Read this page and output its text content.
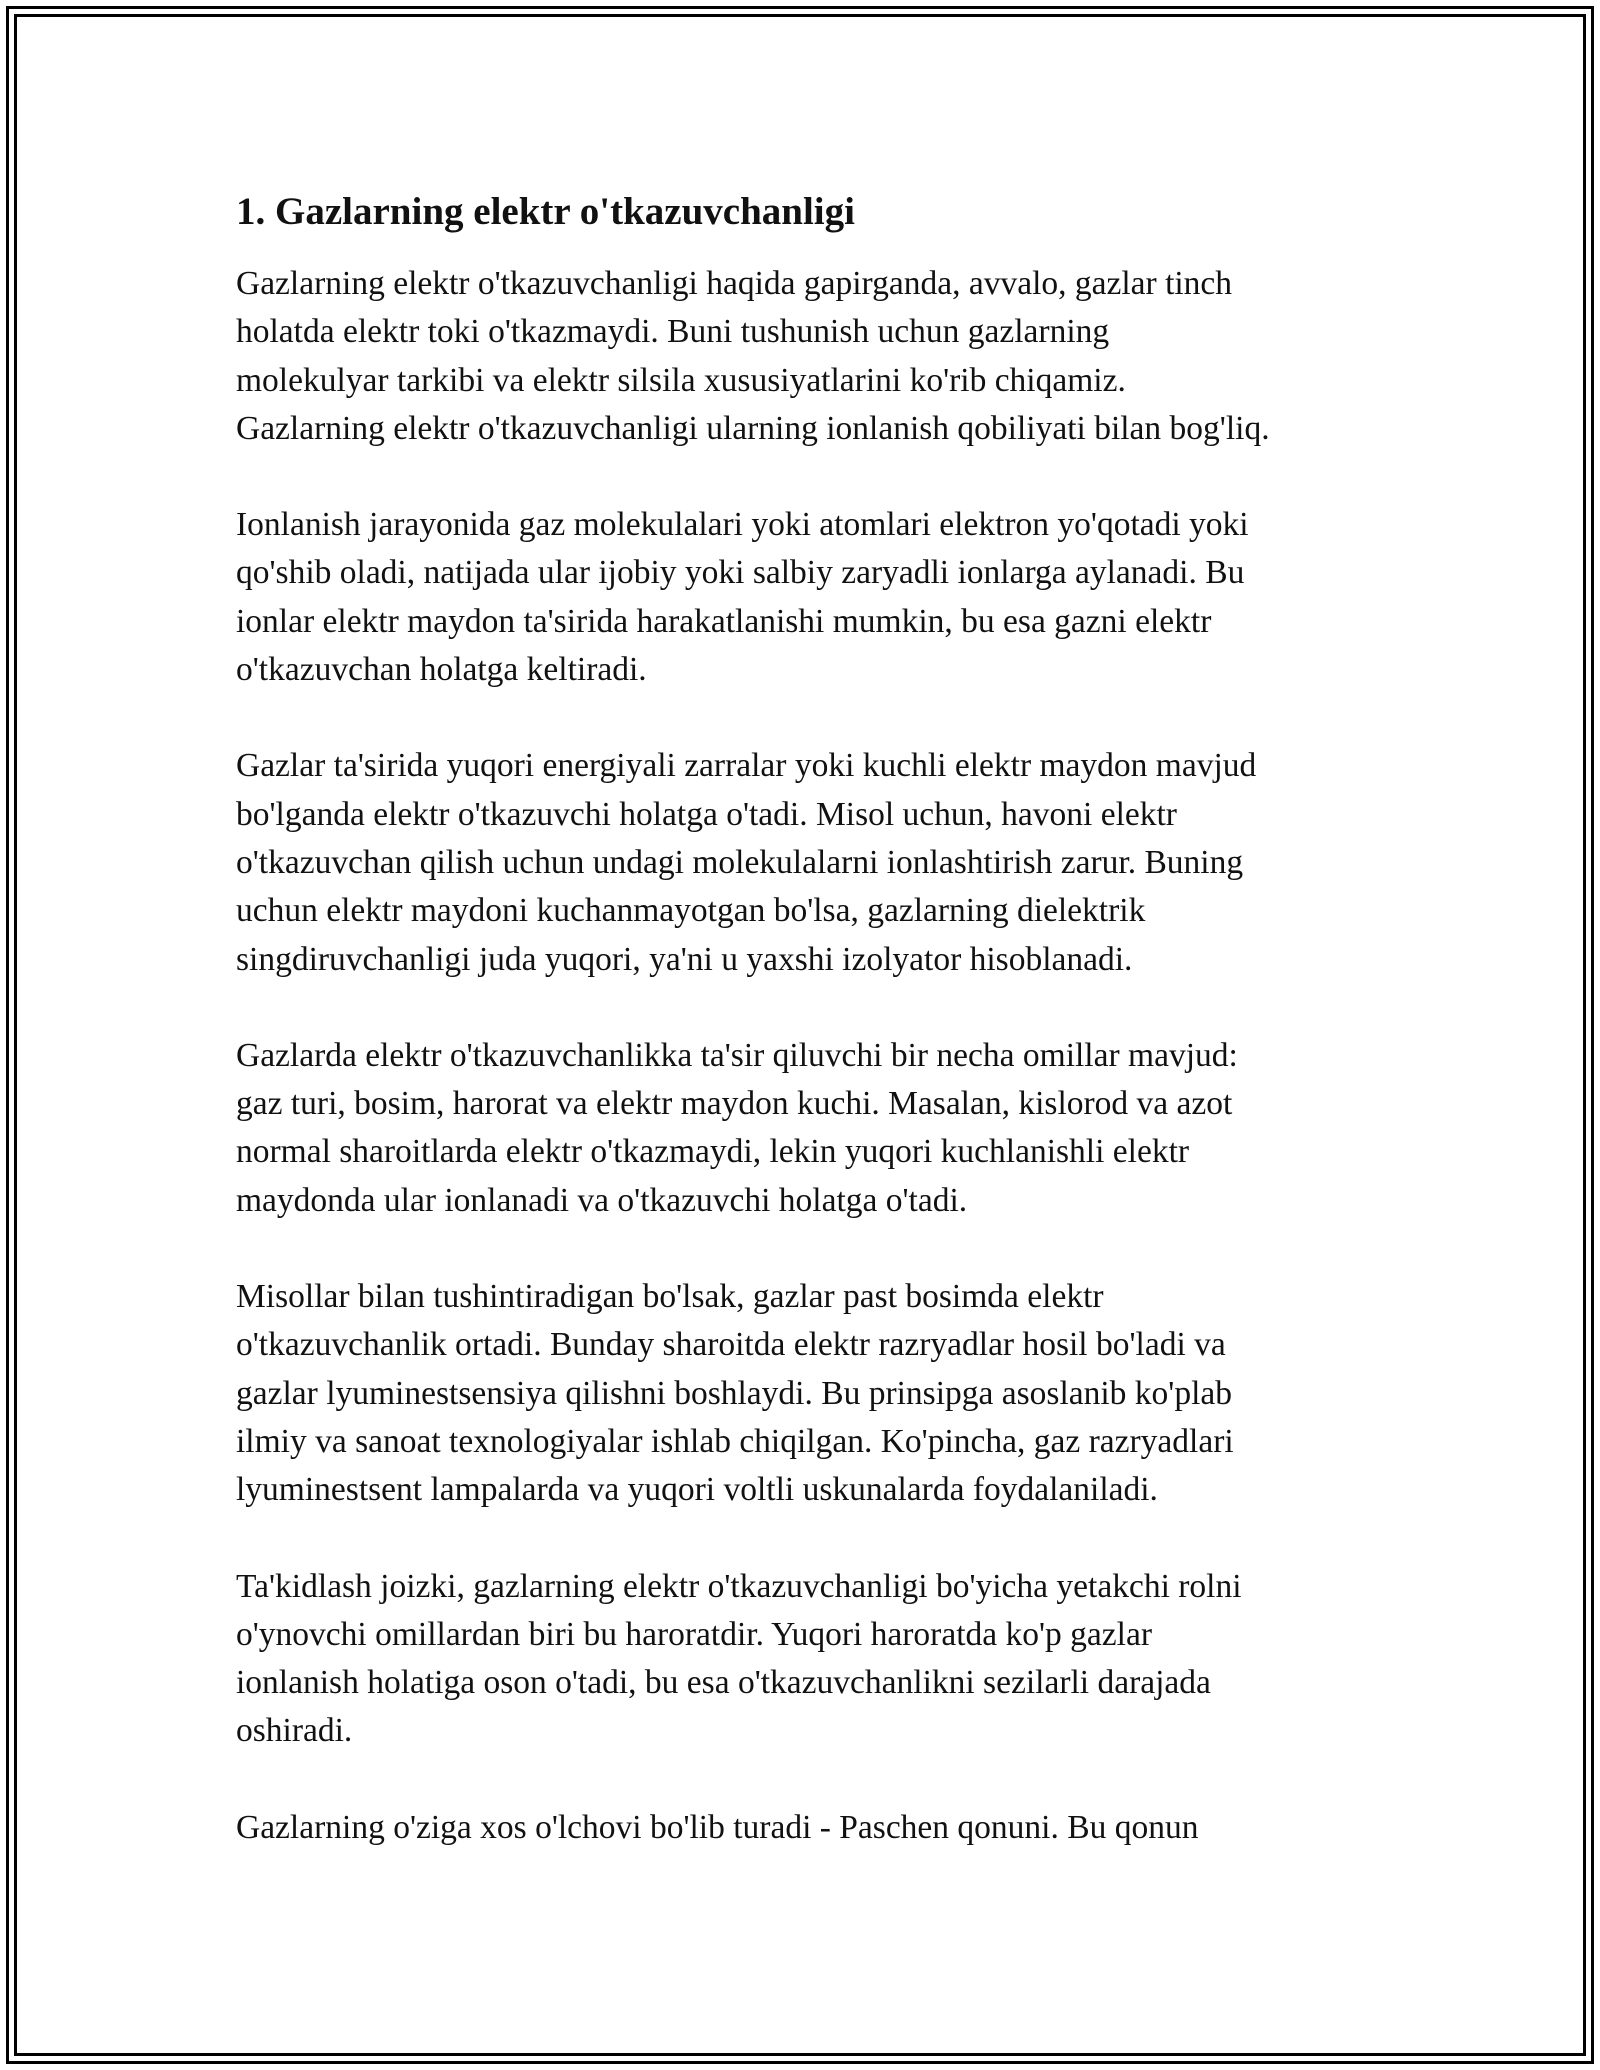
1. Gazlarning elektr o'tkazuvchanligi

Gazlarning elektr o'tkazuvchanligi haqida gapirganda, avvalo, gazlar tinch
holatda elektr toki o'tkazmaydi. Buni tushunish uchun gazlarning
molekulyar tarkibi va elektr silsila xususiyatlarini ko'rib chiqamiz.
Gazlarning elektr o'tkazuvchanligi ularning ionlanish qobiliyati bilan bog'liq.

Ionlanish jarayonida gaz molekulalari yoki atomlari elektron yo'qotadi yoki
qo'shib oladi, natijada ular ijobiy yoki salbiy zaryadli ionlarga aylanadi. Bu
ionlar elektr maydon ta'sirida harakatlanishi mumkin, bu esa gazni elektr
o'tkazuvchan holatga keltiradi.

Gazlar ta'sirida yuqori energiyali zarralar yoki kuchli elektr maydon mavjud
bo'lganda elektr o'tkazuvchi holatga o'tadi. Misol uchun, havoni elektr
o'tkazuvchan qilish uchun undagi molekulalarni ionlashtirish zarur. Buning
uchun elektr maydoni kuchanmayotgan bo'lsa, gazlarning dielektrik
singdiruvchanligi juda yuqori, ya'ni u yaxshi izolyator hisoblanadi.

Gazlarda elektr o'tkazuvchanlikka ta'sir qiluvchi bir necha omillar mavjud:
gaz turi, bosim, harorat va elektr maydon kuchi. Masalan, kislorod va azot
normal sharoitlarda elektr o'tkazmaydi, lekin yuqori kuchlanishli elektr
maydonda ular ionlanadi va o'tkazuvchi holatga o'tadi.

Misollar bilan tushintiradigan bo'lsak, gazlar past bosimda elektr
o'tkazuvchanlik ortadi. Bunday sharoitda elektr razryadlar hosil bo'ladi va
gazlar lyuminestsensiya qilishni boshlaydi. Bu prinsipga asoslanib ko'plab
ilmiy va sanoat texnologiyalar ishlab chiqilgan. Ko'pincha, gaz razryadlari
lyuminestsent lampalarda va yuqori voltli uskunalarda foydalaniladi.

Ta'kidlash joizki, gazlarning elektr o'tkazuvchanligi bo'yicha yetakchi rolni
o'ynovchi omillardan biri bu haroratdir. Yuqori haroratda ko'p gazlar
ionlanish holatiga oson o'tadi, bu esa o'tkazuvchanlikni sezilarli darajada
oshiradi.

Gazlarning o'ziga xos o'lchovi bo'lib turadi - Paschen qonuni. Bu qonun
